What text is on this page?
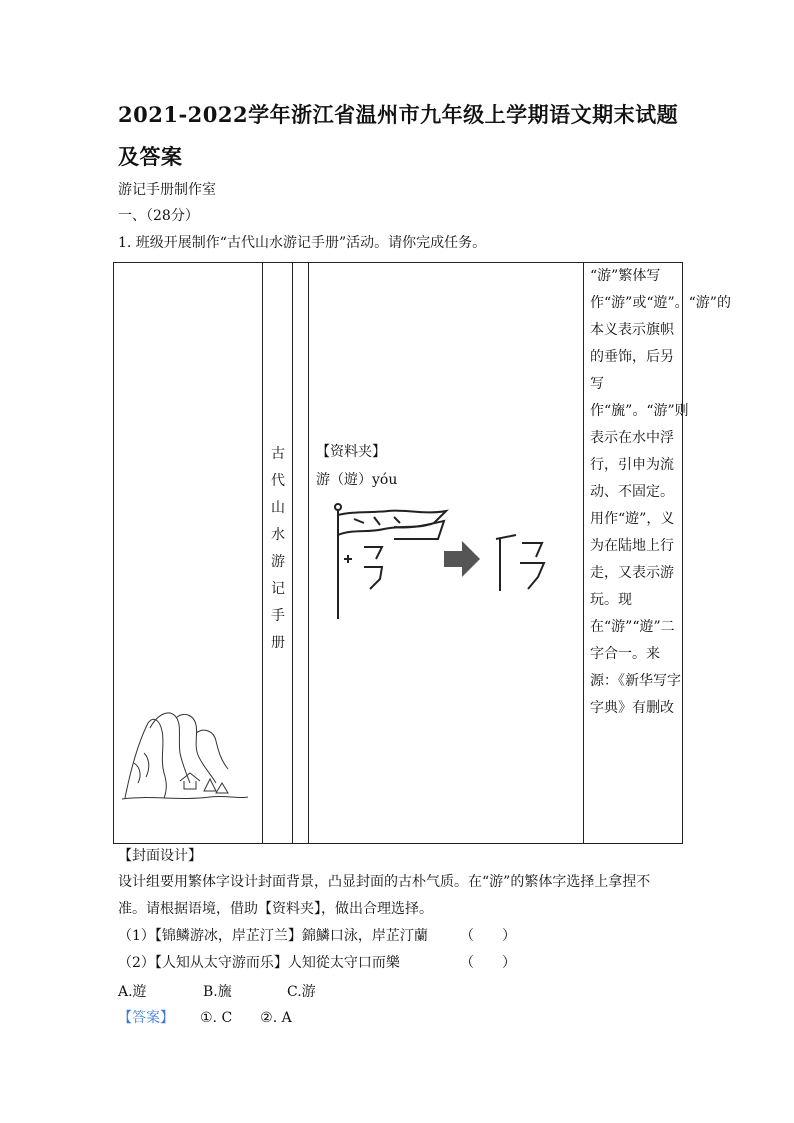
2021-2022学年浙江省温州市九年级上学期语文期末试题及答案
游记手册制作室
一、（28分）
1. 班级开展制作“古代山水游记手册”活动。请你完成任务。
古
代
山
水
游
记
手
册
【资料夹】
游（遊）yóu
“游”繁体写作“游”或“遊”。“游”的本义表示旗帜的垂饰，后另写作“旒”。“游”则表示在水中浮行，引申为流动、不固定。用作“遊”，义为在陆地上行走，又表示游玩。现在“游”“遊”二字合一。来源：《新华写字字典》有删改
【封面设计】
设计组要用繁体字设计封面背景，凸显封面的古朴气质。在“游”的繁体字选择上拿捏不
准。请根据语境，借助【资料夹】，做出合理选择。
（1）【锦鳞游冰，岸芷汀兰】錦鱗口泳，岸芷汀蘭 （　　）
（2）【人知从太守游而乐】人知從太守口而樂	（　　）
A.遊	B.旒	C.游
【答案】 ①. C　　②. A
